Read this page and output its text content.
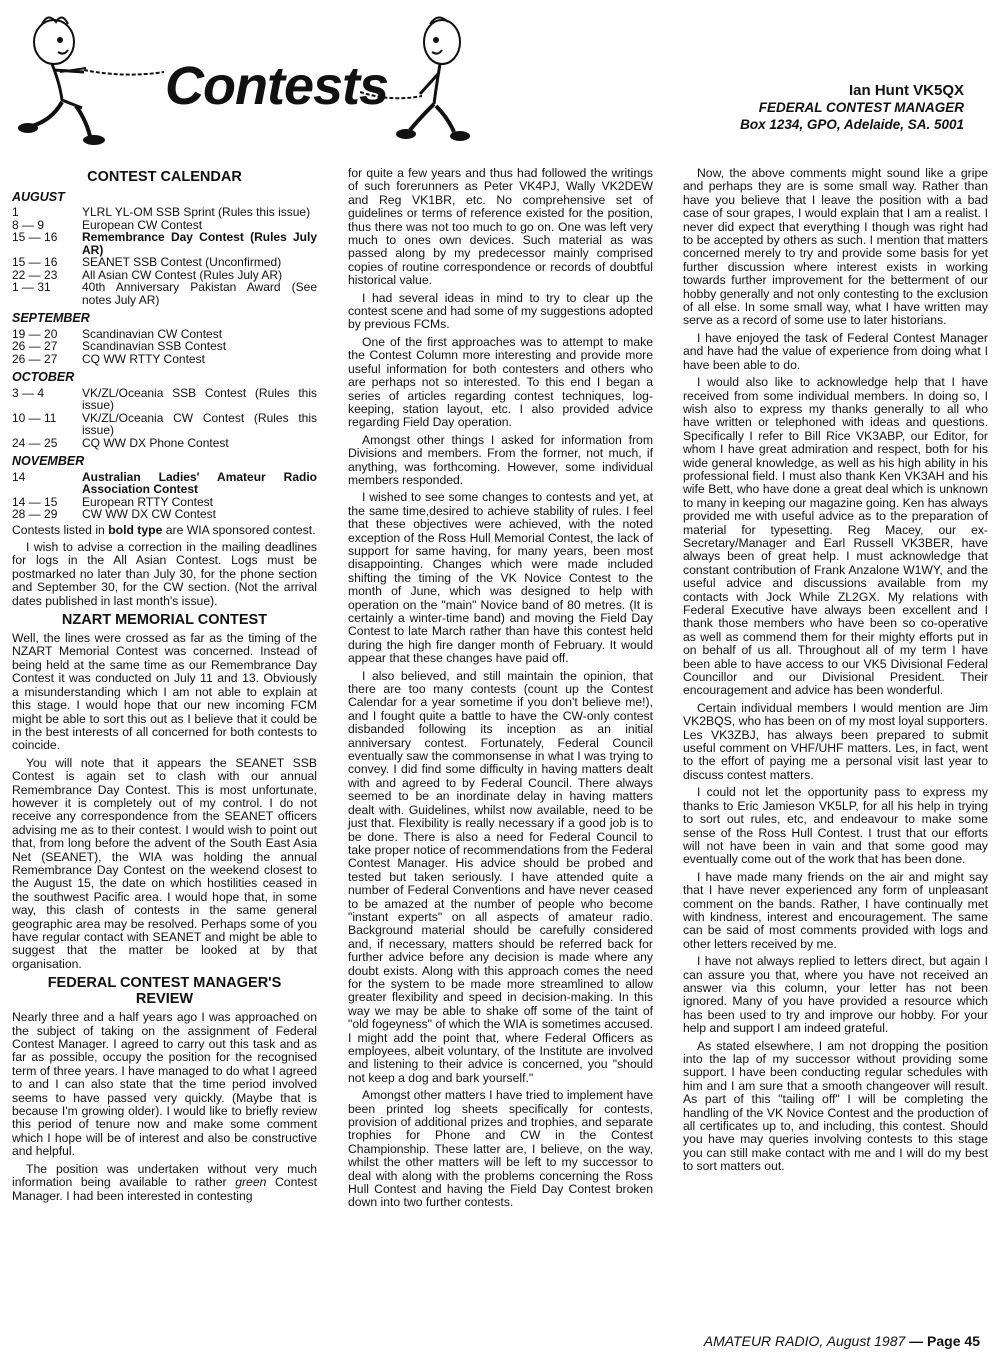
Contests	Ian Hunt VK5QX
FEDERAL CONTEST MANAGER
Box 1234, GPO, Adelaide, SA. 5001
CONTEST CALENDAR
AUGUST
1	YLRL YL-OM SSB Sprint (Rules this issue)
8 — 9	European CW Contest
15 — 16	Remembrance Day Contest (Rules July AR)
15 — 16	SEANET SSB Contest (Unconfirmed)
22 — 23	All Asian CW Contest (Rules July AR)
1 — 31	40th Anniversary Pakistan Award (See notes July AR)
SEPTEMBER
19 — 20	Scandinavian CW Contest
26 — 27	Scandinavian SSB Contest
26 — 27	CQ WW RTTY Contest
OCTOBER
3 — 4	VK/ZL/Oceania SSB Contest (Rules this issue)
10 — 11	VK/ZL/Oceania CW Contest (Rules this issue)
24 — 25	CQ WW DX Phone Contest
NOVEMBER
14	Australian Ladies' Amateur Radio Association Contest
14 — 15	European RTTY Contest
28 — 29	CW WW DX CW Contest

Contests listed in bold type are WIA sponsored contest.

I wish to advise a correction in the mailing deadlines for logs in the All Asian Contest. Logs must be postmarked no later than July 30, for the phone section and September 30, for the CW section. (Not the arrival dates published in last month's issue).

NZART MEMORIAL CONTEST

Well, the lines were crossed as far as the timing of the NZART Memorial Contest was concerned. Instead of being held at the same time as our Remembrance Day Contest it was conducted on July 11 and 13. Obviously a misunderstanding which I am not able to explain at this stage. I would hope that our new incoming FCM might be able to sort this out as I believe that it could be in the best interests of all concerned for both contests to coincide.

You will note that it appears the SEANET SSB Contest is again set to clash with our annual Remembrance Day Contest. This is most unfortunate, however it is completely out of my control. I do not receive any correspondence from the SEANET officers advising me as to their contest. I would wish to point out that, from long before the advent of the South East Asia Net (SEANET), the WIA was holding the annual Remembrance Day Contest on the weekend closest to the August 15, the date on which hostilities ceased in the southwest Pacific area. I would hope that, in some way, this clash of contests in the same general geographic area may be resolved. Perhaps some of you have regular contact with SEANET and might be able to suggest that the matter be looked at by that organisation.

FEDERAL CONTEST MANAGER'S REVIEW

Nearly three and a half years ago I was approached on the subject of taking on the assignment of Federal Contest Manager. I agreed to carry out this task and as far as possible, occupy the position for the recognised term of three years. I have managed to do what I agreed to and I can also state that the time period involved seems to have passed very quickly. (Maybe that is because I'm growing older). I would like to briefly review this period of tenure now and make some comment which I hope will be of interest and also be constructive and helpful.

The position was undertaken without very much information being available to rather green Contest Manager. I had been interested in contesting

for quite a few years and thus had followed the writings of such forerunners as Peter VK4PJ, Wally VK2DEW and Reg VK1BR, etc. No comprehensive set of guidelines or terms of reference existed for the position, thus there was not too much to go on. One was left very much to ones own devices. Such material as was passed along by my predecessor mainly comprised copies of routine correspondence or records of doubtful historical value.

I had several ideas in mind to try to clear up the contest scene and had some of my suggestions adopted by previous FCMs.

One of the first approaches was to attempt to make the Contest Column more interesting and provide more useful information for both contesters and others who are perhaps not so interested. To this end I began a series of articles regarding contest techniques, log-keeping, station layout, etc. I also provided advice regarding Field Day operation.

Amongst other things I asked for information from Divisions and members. From the former, not much, if anything, was forthcoming. However, some individual members responded.

I wished to see some changes to contests and yet, at the same time,desired to achieve stability of rules. I feel that these objectives were achieved, with the noted exception of the Ross Hull Memorial Contest, the lack of support for same having, for many years, been most disappointing. Changes which were made included shifting the timing of the VK Novice Contest to the month of June, which was designed to help with operation on the "main" Novice band of 80 metres. (It is certainly a winter-time band) and moving the Field Day Contest to late March rather than have this contest held during the high fire danger month of February. It would appear that these changes have paid off.

I also believed, and still maintain the opinion, that there are too many contests (count up the Contest Calendar for a year sometime if you don't believe me!), and I fought quite a battle to have the CW-only contest disbanded following its inception as an initial anniversary contest. Fortunately, Federal Council eventually saw the commonsense in what I was trying to convey. I did find some difficulty in having matters dealt with and agreed to by Federal Council. There always seemed to be an inordinate delay in having matters dealt with. Guidelines, whilst now available, need to be just that. Flexibility is really necessary if a good job is to be done. There is also a need for Federal Council to take proper notice of recommendations from the Federal Contest Manager. His advice should be probed and tested but taken seriously. I have attended quite a number of Federal Conventions and have never ceased to be amazed at the number of people who become "instant experts" on all aspects of amateur radio. Background material should be carefully considered and, if necessary, matters should be referred back for further advice before any decision is made where any doubt exists. Along with this approach comes the need for the system to be made more streamlined to allow greater flexibility and speed in decision-making. In this way we may be able to shake off some of the taint of "old fogeyness" of which the WIA is sometimes accused. I might add the point that, where Federal Officers as employees, albeit voluntary, of the Institute are involved and listening to their advice is concerned, you "should not keep a dog and bark yourself."

Amongst other matters I have tried to implement have been printed log sheets specifically for contests, provision of additional prizes and trophies, and separate trophies for Phone and CW in the Contest Championship. These latter are, I believe, on the way, whilst the other matters will be left to my successor to deal with along with the problems concerning the Ross Hull Contest and having the Field Day Contest broken down into two further contests.

Now, the above comments might sound like a gripe and perhaps they are is some small way. Rather than have you believe that I leave the position with a bad case of sour grapes, I would explain that I am a realist. I never did expect that everything I though was right had to be accepted by others as such. I mention that matters concerned merely to try and provide some basis for yet further discussion where interest exists in working towards further improvement for the betterment of our hobby generally and not only contesting to the exclusion of all else. In some small way, what I have written may serve as a record of some use to later historians.

I have enjoyed the task of Federal Contest Manager and have had the value of experience from doing what I have been able to do.

I would also like to acknowledge help that I have received from some individual members. In doing so, I wish also to express my thanks generally to all who have written or telephoned with ideas and questions. Specifically I refer to Bill Rice VK3ABP, our Editor, for whom I have great admiration and respect, both for his wide general knowledge, as well as his high ability in his professional field. I must also thank Ken VK3AH and his wife Bett, who have done a great deal which is unknown to many in keeping our magazine going. Ken has always provided me with useful advice as to the preparation of material for typesetting. Reg Macey, our ex-Secretary/Manager and Earl Russell VK3BER, have always been of great help. I must acknowledge that constant contribution of Frank Anzalone W1WY, and the useful advice and discussions available from my contacts with Jock While ZL2GX. My relations with Federal Executive have always been excellent and I thank those members who have been so co-operative as well as commend them for their mighty efforts put in on behalf of us all. Throughout all of my term I have been able to have access to our VK5 Divisional Federal Councillor and our Divisional President. Their encouragement and advice has been wonderful.

Certain individual members I would mention are Jim VK2BQS, who has been on of my most loyal supporters. Les VK3ZBJ, has always been prepared to submit useful comment on VHF/UHF matters. Les, in fact, went to the effort of paying me a personal visit last year to discuss contest matters.

I could not let the opportunity pass to express my thanks to Eric Jamieson VK5LP, for all his help in trying to sort out rules, etc, and endeavour to make some sense of the Ross Hull Contest. I trust that our efforts will not have been in vain and that some good may eventually come out of the work that has been done.

I have made many friends on the air and might say that I have never experienced any form of unpleasant comment on the bands. Rather, I have continually met with kindness, interest and encouragement. The same can be said of most comments provided with logs and other letters received by me.

I have not always replied to letters direct, but again I can assure you that, where you have not received an answer via this column, your letter has not been ignored. Many of you have provided a resource which has been used to try and improve our hobby. For your help and support I am indeed grateful.

As stated elsewhere, I am not dropping the position into the lap of my successor without providing some support. I have been conducting regular schedules with him and I am sure that a smooth changeover will result. As part of this "tailing off" I will be completing the handling of the VK Novice Contest and the production of all certificates up to, and including, this contest. Should you have may queries involving contests to this stage you can still make contact with me and I will do my best to sort matters out.

AMATEUR RADIO, August 1987 — Page 45
